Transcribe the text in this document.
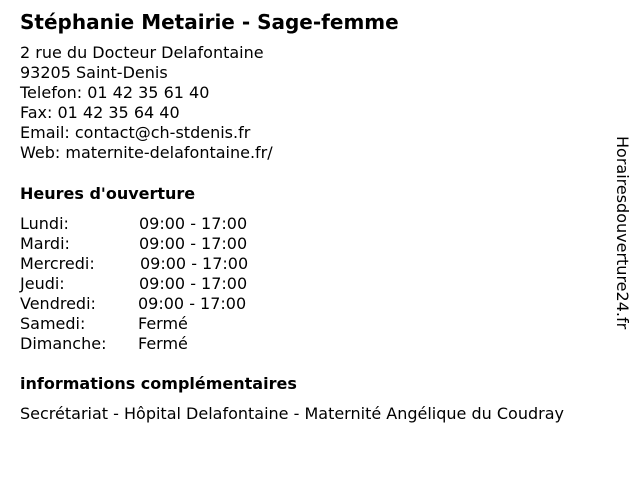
Stéphanie Metairie - Sage-femme
2 rue du Docteur Delafontaine
93205 Saint-Denis
Telefon: 01 42 35 61 40
Fax: 01 42 35 64 40
Email: contact@ch-stdenis.fr
Web: maternite-delafontaine.fr/
Heures d'ouverture
Lundi:	09:00 - 17:00
Mardi:	09:00 - 17:00
Mercredi:	09:00 - 17:00
Jeudi:	09:00 - 17:00
Vendredi:	09:00 - 17:00
Samedi:	Fermé
Dimanche: Fermé
informations complémentaires
Secrétariat - Hôpital Delafontaine - Maternité Angélique du Coudray
Horairesdouverture24.fr
